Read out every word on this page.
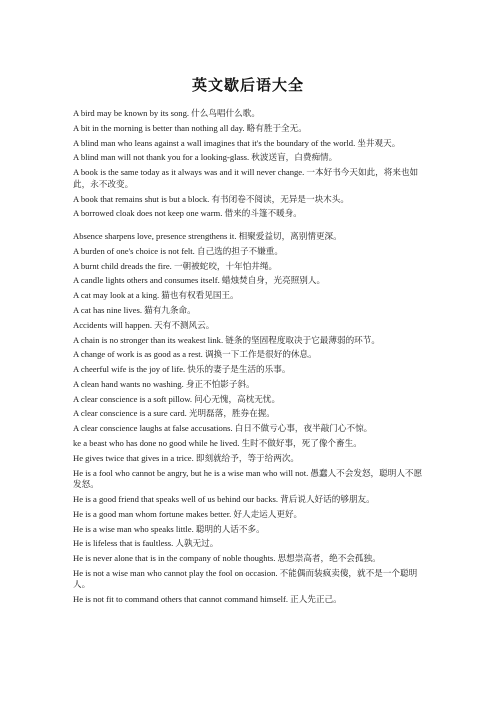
英文歇后语大全

A bird may be known by its song. 什么鸟唱什么歌。

A bit in the morning is better than nothing all day. 略有胜于全无。

A blind man who leans against a wall imagines that it's the boundary of the world. 坐井观天。

A blind man will not thank you for a looking-glass. 秋波送盲，白费痴情。

A book is the same today as it always was and it will never change. 一本好书今天如此，将来也如此，永不改变。

A book that remains shut is but a block. 有书闭卷不阅读，无异是一块木头。

A borrowed cloak does not keep one warm. 借来的斗篷不暖身。

Absence sharpens love, presence strengthens it. 相聚爱益切，离别情更深。

A burden of one's choice is not felt. 自己选的担子不嫌重。

A burnt child dreads the fire. 一朝被蛇咬，十年怕井绳。

A candle lights others and consumes itself. 蜡烛焚自身，光亮照别人。

A cat may look at a king. 猫也有权看见国王。

A cat has nine lives. 猫有九条命。

Accidents will happen. 天有不测风云。

A chain is no stronger than its weakest link. 链条的坚固程度取决于它最薄弱的环节。

A change of work is as good as a rest. 调换一下工作是很好的休息。

A cheerful wife is the joy of life. 快乐的妻子是生活的乐事。

A clean hand wants no washing. 身正不怕影子斜。

A clear conscience is a soft pillow. 问心无愧，高枕无忧。

A clear conscience is a sure card. 光明磊落，胜券在握。

A clear conscience laughs at false accusations. 白日不做亏心事，夜半敲门心不惊。

ke a beast who has done no good while he lived. 生时不做好事，死了像个畜生。

He gives twice that gives in a trice. 即刻就给予，等于给两次。

He is a fool who cannot be angry, but he is a wise man who will not. 愚蠢人不会发怒，聪明人不愿发怒。

He is a good friend that speaks well of us behind our backs. 背后说人好话的够朋友。

He is a good man whom fortune makes better. 好人走运人更好。

He is a wise man who speaks little. 聪明的人话不多。

He is lifeless that is faultless. 人孰无过。

He is never alone that is in the company of noble thoughts. 思想崇高者，绝不会孤独。

He is not a wise man who cannot play the fool on occasion. 不能偶而装疯卖傻，就不是一个聪明人。

He is not fit to command others that cannot command himself. 正人先正己。
